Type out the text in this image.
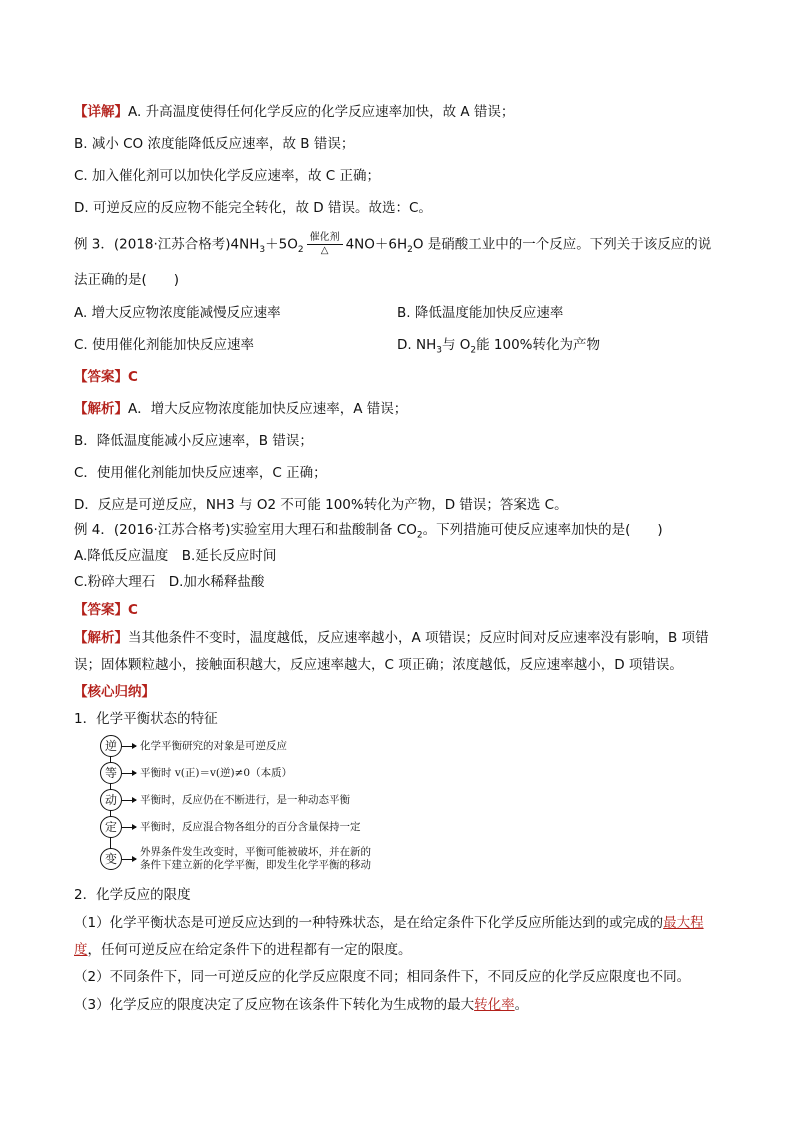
【详解】A. 升高温度使得任何化学反应的化学反应速率加快，故 A 错误；
B. 减小 CO 浓度能降低反应速率，故 B 错误；
C. 加入催化剂可以加快化学反应速率，故 C 正确；
D. 可逆反应的反应物不能完全转化，故 D 错误。故选：C。
例 3．(2018·江苏合格考)$4NH_3+5O_2 \frac{\text{催化剂}}{\triangle} 4NO+6H_2O$ 是硝酸工业中的一个反应。下列关于该反应的说
法正确的是(　　)
A. 增大反应物浓度能减慢反应速率	B. 降低温度能加快反应速率
C. 使用催化剂能加快反应速率	D. $NH_3$与 $O_2$能 100%转化为产物
【答案】C
【解析】A．增大反应物浓度能加快反应速率，A 错误；
B．降低温度能减小反应速率，B 错误；
C．使用催化剂能加快反应速率，C 正确；
D．反应是可逆反应，NH3 与 O2 不可能 100%转化为产物，D 错误；答案选 C。
例 4．(2016·江苏合格考)实验室用大理石和盐酸制备 $CO_2$。下列措施可使反应速率加快的是(　　)
A.降低反应温度　B.延长反应时间
C.粉碎大理石　D.加水稀释盐酸
【答案】C
【解析】当其他条件不变时，温度越低，反应速率越小，A 项错误；反应时间对反应速率没有影响，B 项错
误；固体颗粒越小，接触面积越大，反应速率越大，C 项正确；浓度越低，反应速率越小，D 项错误。
【核心归纳】
1．化学平衡状态的特征
逆	化学平衡研究的对象是可逆反应
等	平衡时 v(正)＝v(逆)≠0（本质）
动	平衡时，反应仍在不断进行，是一种动态平衡
定	平衡时，反应混合物各组分的百分含量保持一定
变	外界条件发生改变时，平衡可能被破坏，并在新的
条件下建立新的化学平衡，即发生化学平衡的移动
2．化学反应的限度
（1）化学平衡状态是可逆反应达到的一种特殊状态，是在给定条件下化学反应所能达到的或完成的最大程
度，任何可逆反应在给定条件下的进程都有一定的限度。
（2）不同条件下，同一可逆反应的化学反应限度不同；相同条件下，不同反应的化学反应限度也不同。
（3）化学反应的限度决定了反应物在该条件下转化为生成物的最大转化率。
